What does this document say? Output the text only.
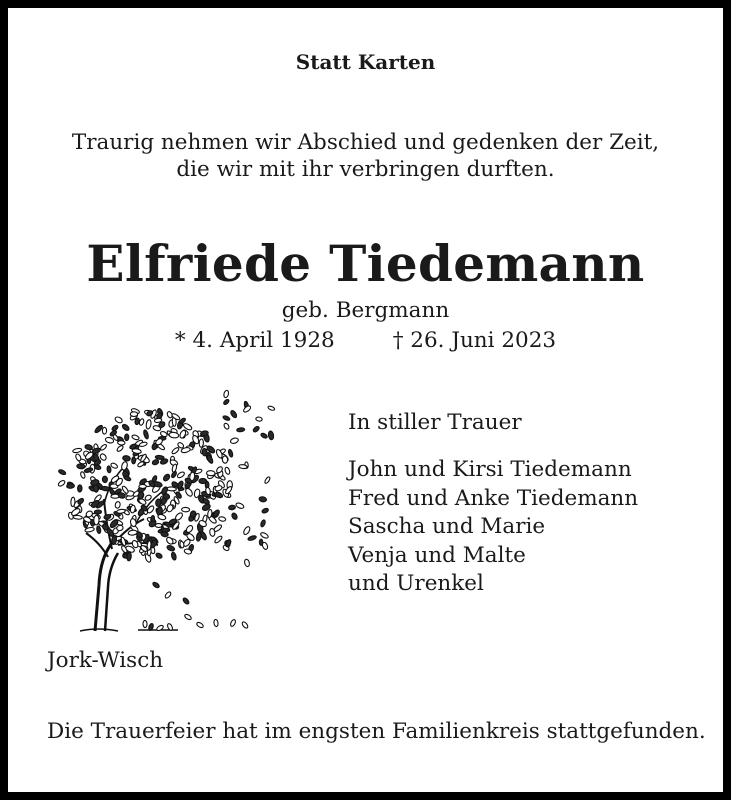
Statt Karten
Traurig nehmen wir Abschied und gedenken der Zeit,
die wir mit ihr verbringen durften.
Elfriede Tiedemann
geb. Bergmann
* 4. April 1928	† 26. Juni 2023
In stiller Trauer
John und Kirsi Tiedemann
Fred und Anke Tiedemann
Sascha und Marie
Venja und Malte
und Urenkel
Jork-Wisch
Die Trauerfeier hat im engsten Familienkreis stattgefunden.
